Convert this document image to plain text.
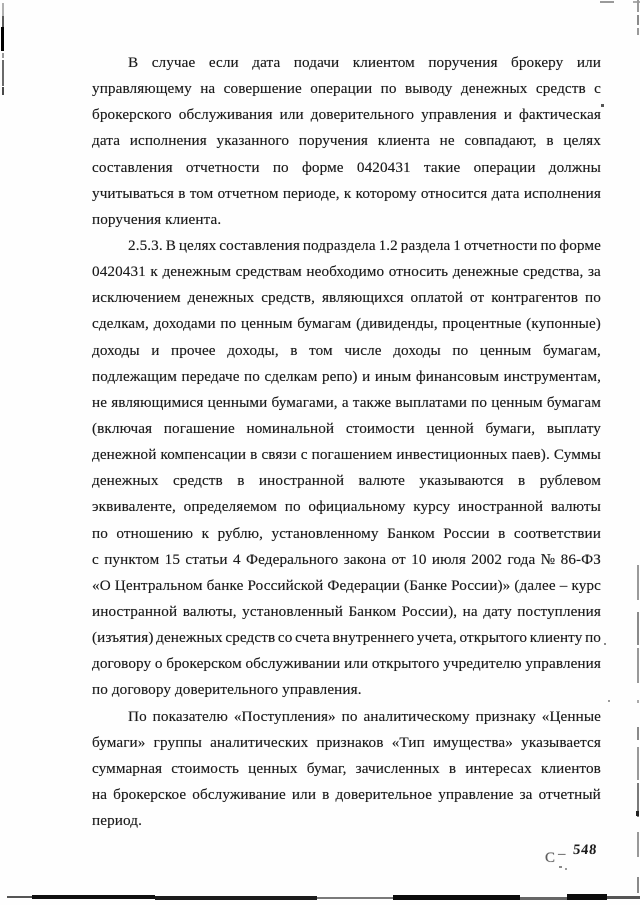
В случае если дата подачи клиентом поручения брокеру или
управляющему на совершение операции по выводу денежных средств с
брокерского обслуживания или доверительного управления и фактическая
дата исполнения указанного поручения клиента не совпадают, в целях
составления отчетности по форме 0420431 такие операции должны
учитываться в том отчетном периоде, к которому относится дата исполнения
поручения клиента.
2.5.3. В целях составления подраздела 1.2 раздела 1 отчетности по форме
0420431 к денежным средствам необходимо относить денежные средства, за
исключением денежных средств, являющихся оплатой от контрагентов по
сделкам, доходами по ценным бумагам (дивиденды, процентные (купонные)
доходы и прочее доходы, в том числе доходы по ценным бумагам,
подлежащим передаче по сделкам репо) и иным финансовым инструментам,
не являющимися ценными бумагами, а также выплатами по ценным бумагам
(включая погашение номинальной стоимости ценной бумаги, выплату
денежной компенсации в связи с погашением инвестиционных паев). Суммы
денежных средств в иностранной валюте указываются в рублевом
эквиваленте, определяемом по официальному курсу иностранной валюты
по отношению к рублю, установленному Банком России в соответствии
с пунктом 15 статьи 4 Федерального закона от 10 июля 2002 года № 86-ФЗ
«О Центральном банке Российской Федерации (Банке России)» (далее – курс
иностранной валюты, установленный Банком России), на дату поступления
(изъятия) денежных средств со счета внутреннего учета, открытого клиенту по
договору о брокерском обслуживании или открытого учредителю управления
по договору доверительного управления.
По показателю «Поступления» по аналитическому признаку «Ценные
бумаги» группы аналитических признаков «Тип имущества» указывается
суммарная стоимость ценных бумаг, зачисленных в интересах клиентов
на брокерское обслуживание или в доверительное управление за отчетный
период.
С – 548
